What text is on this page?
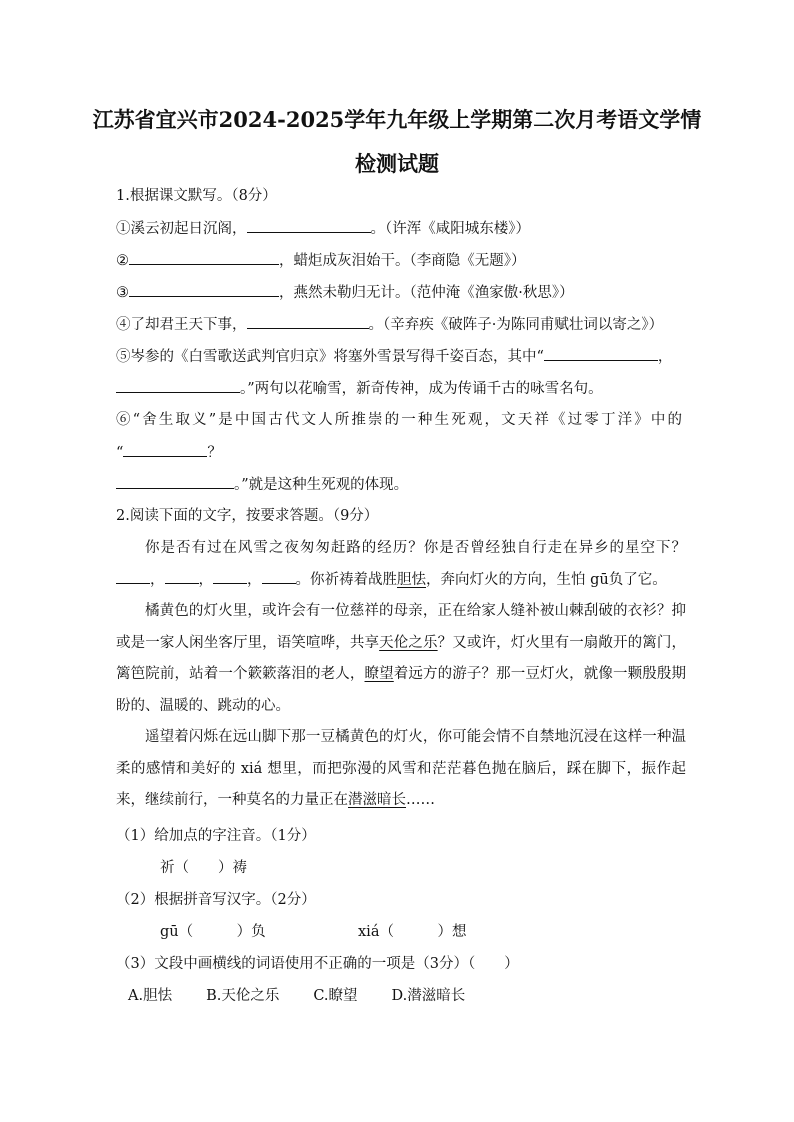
江苏省宜兴市2024-2025学年九年级上学期第二次月考语文学情
检测试题
1.根据课文默写。（8分）
①溪云初起日沉阁，	。（许浑《咸阳城东楼》）
②	，蜡炬成灰泪始干。（李商隐《无题》）
③	，燕然未勒归无计。（范仲淹《渔家傲·秋思》）
④了却君王天下事，	。（辛弃疾《破阵子·为陈同甫赋壮词以寄之》）
⑤岑参的《白雪歌送武判官归京》将塞外雪景写得千姿百态，其中“	，
。”两句以花喻雪，新奇传神，成为传诵千古的咏雪名句。
⑥“舍生取义”是中国古代文人所推崇的一种生死观，文天祥《过零丁洋》中的
“	？
。”就是这种生死观的体现。
2.阅读下面的文字，按要求答题。（9分）
你是否有过在风雪之夜匆匆赶路的经历？你是否曾经独自行走在异乡的星空下？， ， ， 。你祈祷着战胜胆怯，奔向灯火的方向，生怕 gū负了它。
橘黄色的灯火里，或许会有一位慈祥的母亲，正在给家人缝补被山棘刮破的衣衫？抑或是一家人闲坐客厅里，语笑喧哗，共享天伦之乐？又或许，灯火里有一扇敞开的篱门，篱笆院前，站着一个簌簌落泪的老人，瞭望着远方的游子？那一豆灯火，就像一颗殷殷期盼的、温暖的、跳动的心。
遥望着闪烁在远山脚下那一豆橘黄色的灯火，你可能会情不自禁地沉浸在这样一种温柔的感情和美好的 xiá 想里，而把弥漫的风雪和茫茫暮色抛在脑后，踩在脚下，振作起来，继续前行，一种莫名的力量正在潜滋暗长……
（1）给加点的字注音。（1分）
祈（　　）祷
（2）根据拼音写汉字。（2分）
gū（　　　）负	xiá（　　　）想
（3）文段中画横线的词语使用不正确的一项是（3分）（　　）
A.胆怯 B.天伦之乐 C.瞭望 D.潜滋暗长
